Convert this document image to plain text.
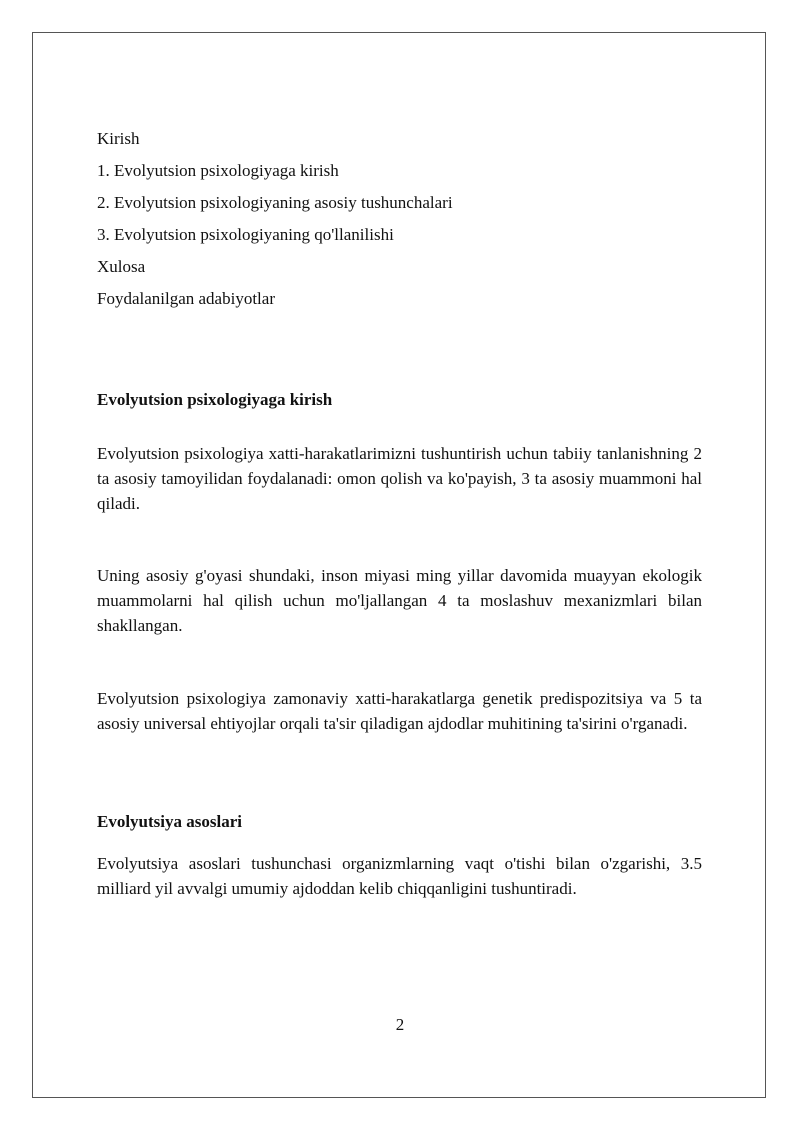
Kirish
1. Evolyutsion psixologiyaga kirish
2. Evolyutsion psixologiyaning asosiy tushunchalari
3. Evolyutsion psixologiyaning qo'llanilishi
Xulosa
Foydalanilgan adabiyotlar
Evolyutsion psixologiyaga kirish

Evolyutsion psixologiya xatti-harakatlarimizni tushuntirish uchun tabiiy tanlanishning 2 ta asosiy tamoyilidan foydalanadi: omon qolish va ko'payish, 3 ta asosiy muammoni hal qiladi.

Uning asosiy g'oyasi shundaki, inson miyasi ming yillar davomida muayyan ekologik muammolarni hal qilish uchun mo'ljallangan 4 ta moslashuv mexanizmlari bilan shakllangan.

Evolyutsion psixologiya zamonaviy xatti-harakatlarga genetik predispozitsiya va 5 ta asosiy universal ehtiyojlar orqali ta'sir qiladigan ajdodlar muhitining ta'sirini o'rganadi.

Evolyutsiya asoslari

Evolyutsiya asoslari tushunchasi organizmlarning vaqt o'tishi bilan o'zgarishi, 3.5 milliard yil avvalgi umumiy ajdoddan kelib chiqqanligini tushuntiradi.

2
